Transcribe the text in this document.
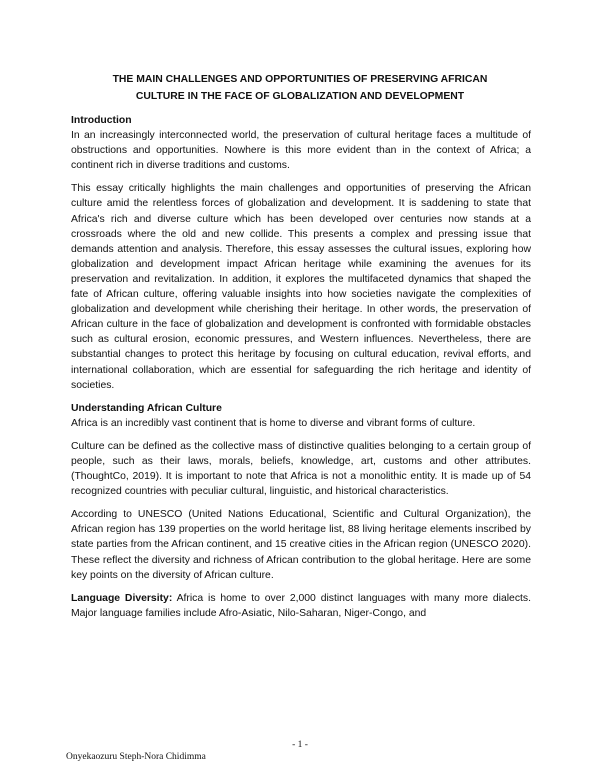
THE MAIN CHALLENGES AND OPPORTUNITIES OF PRESERVING AFRICAN
CULTURE IN THE FACE OF GLOBALIZATION AND DEVELOPMENT
Introduction

In an increasingly interconnected world, the preservation of cultural heritage faces a multitude of obstructions and opportunities. Nowhere is this more evident than in the context of Africa; a continent rich in diverse traditions and customs.

This essay critically highlights the main challenges and opportunities of preserving the African culture amid the relentless forces of globalization and development. It is saddening to state that Africa's rich and diverse culture which has been developed over centuries now stands at a crossroads where the old and new collide. This presents a complex and pressing issue that demands attention and analysis. Therefore, this essay assesses the cultural issues, exploring how globalization and development impact African heritage while examining the avenues for its preservation and revitalization. In addition, it explores the multifaceted dynamics that shaped the fate of African culture, offering valuable insights into how societies navigate the complexities of globalization and development while cherishing their heritage. In other words, the preservation of African culture in the face of globalization and development is confronted with formidable obstacles such as cultural erosion, economic pressures, and Western influences. Nevertheless, there are substantial changes to protect this heritage by focusing on cultural education, revival efforts, and international collaboration, which are essential for safeguarding the rich heritage and identity of societies.

Understanding African Culture

Africa is an incredibly vast continent that is home to diverse and vibrant forms of culture.

Culture can be defined as the collective mass of distinctive qualities belonging to a certain group of people, such as their laws, morals, beliefs, knowledge, art, customs and other attributes. (ThoughtCo, 2019). It is important to note that Africa is not a monolithic entity. It is made up of 54 recognized countries with peculiar cultural, linguistic, and historical characteristics.

According to UNESCO (United Nations Educational, Scientific and Cultural Organization), the African region has 139 properties on the world heritage list, 88 living heritage elements inscribed by state parties from the African continent, and 15 creative cities in the African region (UNESCO 2020). These reflect the diversity and richness of African contribution to the global heritage. Here are some key points on the diversity of African culture.

Language Diversity: Africa is home to over 2,000 distinct languages with many more dialects. Major language families include Afro-Asiatic, Nilo-Saharan, Niger-Congo, and

- 1 -
Onyekaozuru Steph-Nora Chidimma
